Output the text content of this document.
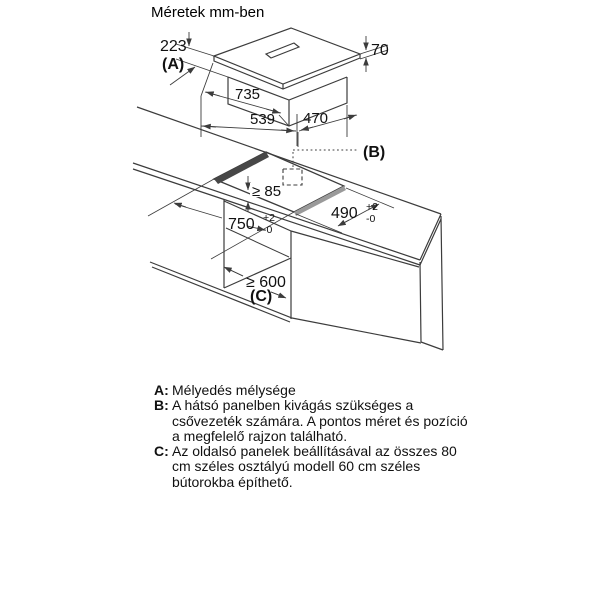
Méretek mm-ben
223
(A)
70
735
539 470
(B)
≥ 85
750 +2
-0
490 +2
-0
≥ 600
(C)
A: Mélyedés mélysége
B: A hátsó panelben kivágás szükséges a csővezeték számára. A pontos méret és pozíció a megfelelő rajzon található.
C: Az oldalsó panelek beállításával az összes 80 cm széles osztályú modell 60 cm széles bútorokba építhető.
